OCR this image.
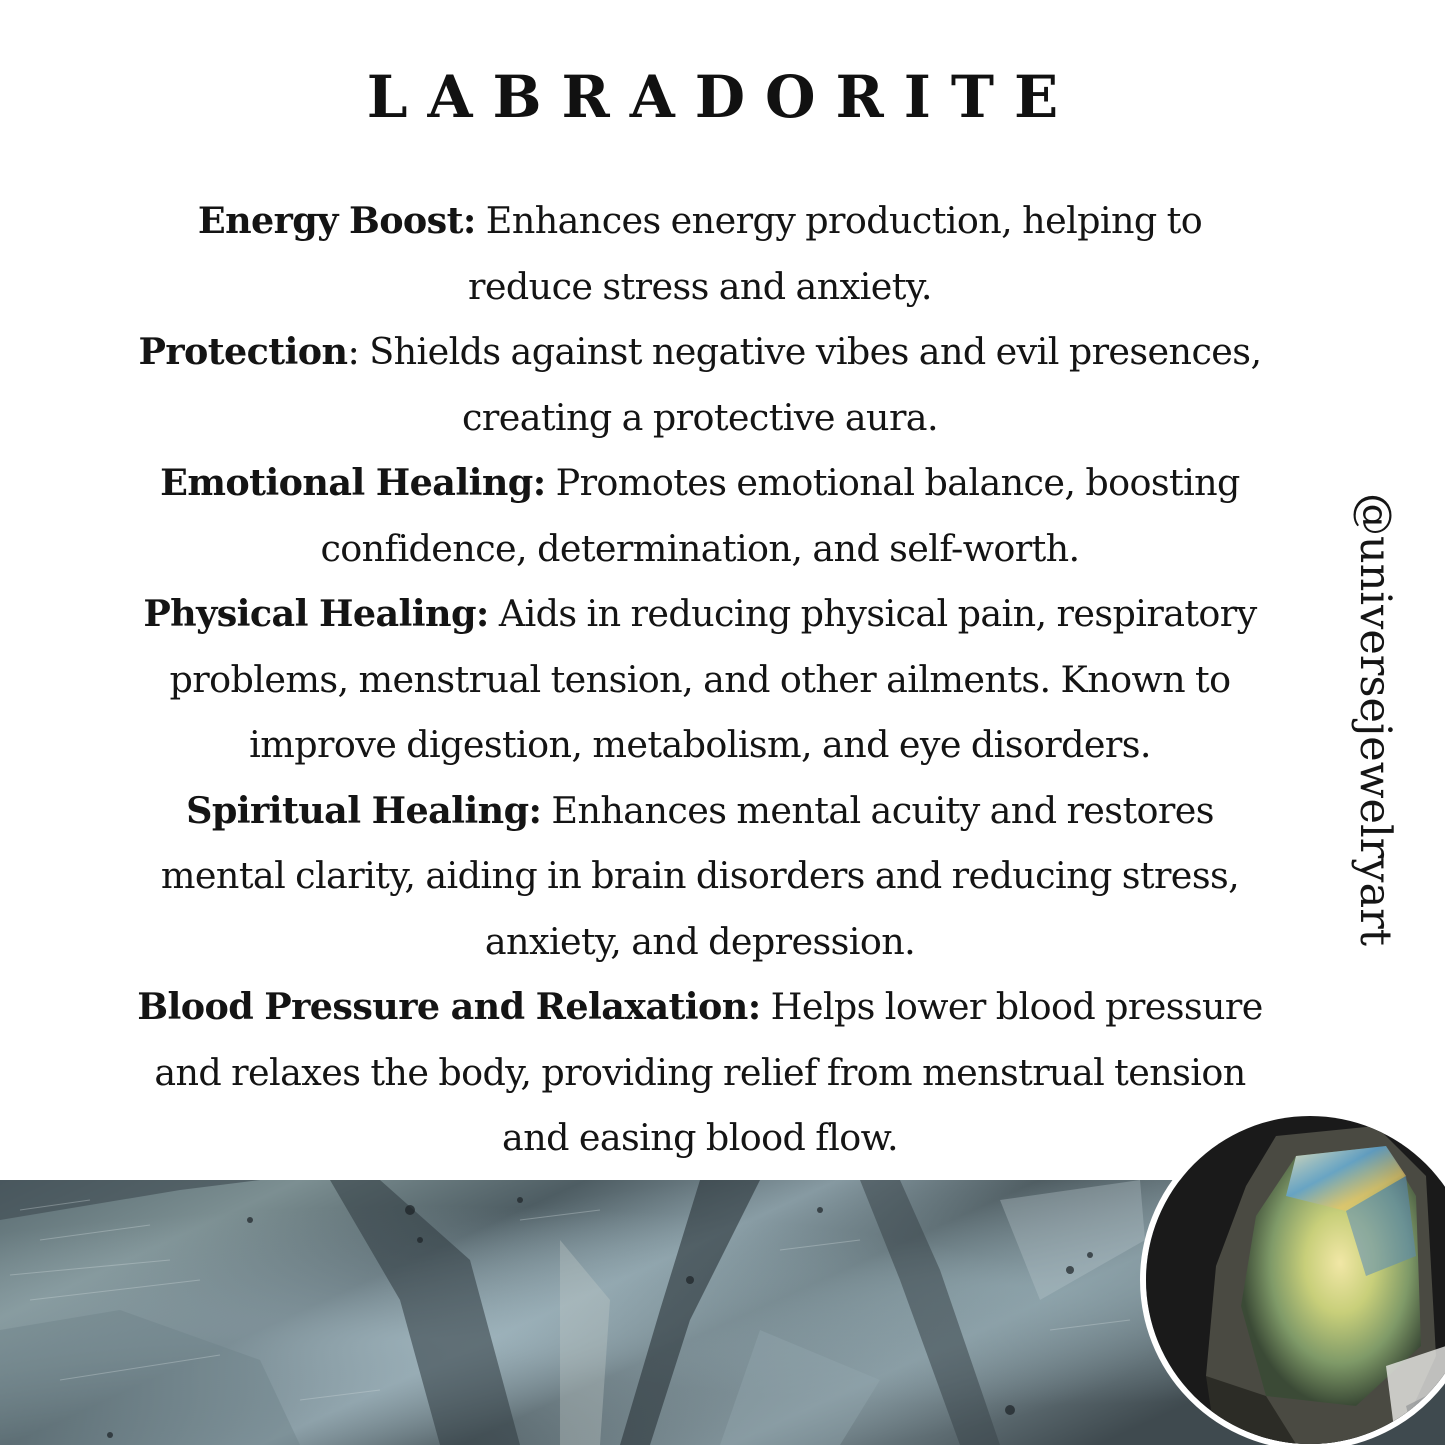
LABRADORITE

Energy Boost: Enhances energy production, helping to
reduce stress and anxiety.

Protection: Shields against negative vibes and evil presences,
creating a protective aura.

Emotional Healing: Promotes emotional balance, boosting
confidence, determination, and self-worth.

Physical Healing: Aids in reducing physical pain, respiratory
problems, menstrual tension, and other ailments. Known to
improve digestion, metabolism, and eye disorders.

Spiritual Healing: Enhances mental acuity and restores
mental clarity, aiding in brain disorders and reducing stress,
anxiety, and depression.

Blood Pressure and Relaxation: Helps lower blood pressure
and relaxes the body, providing relief from menstrual tension
and easing blood flow.

@universejewelryart
